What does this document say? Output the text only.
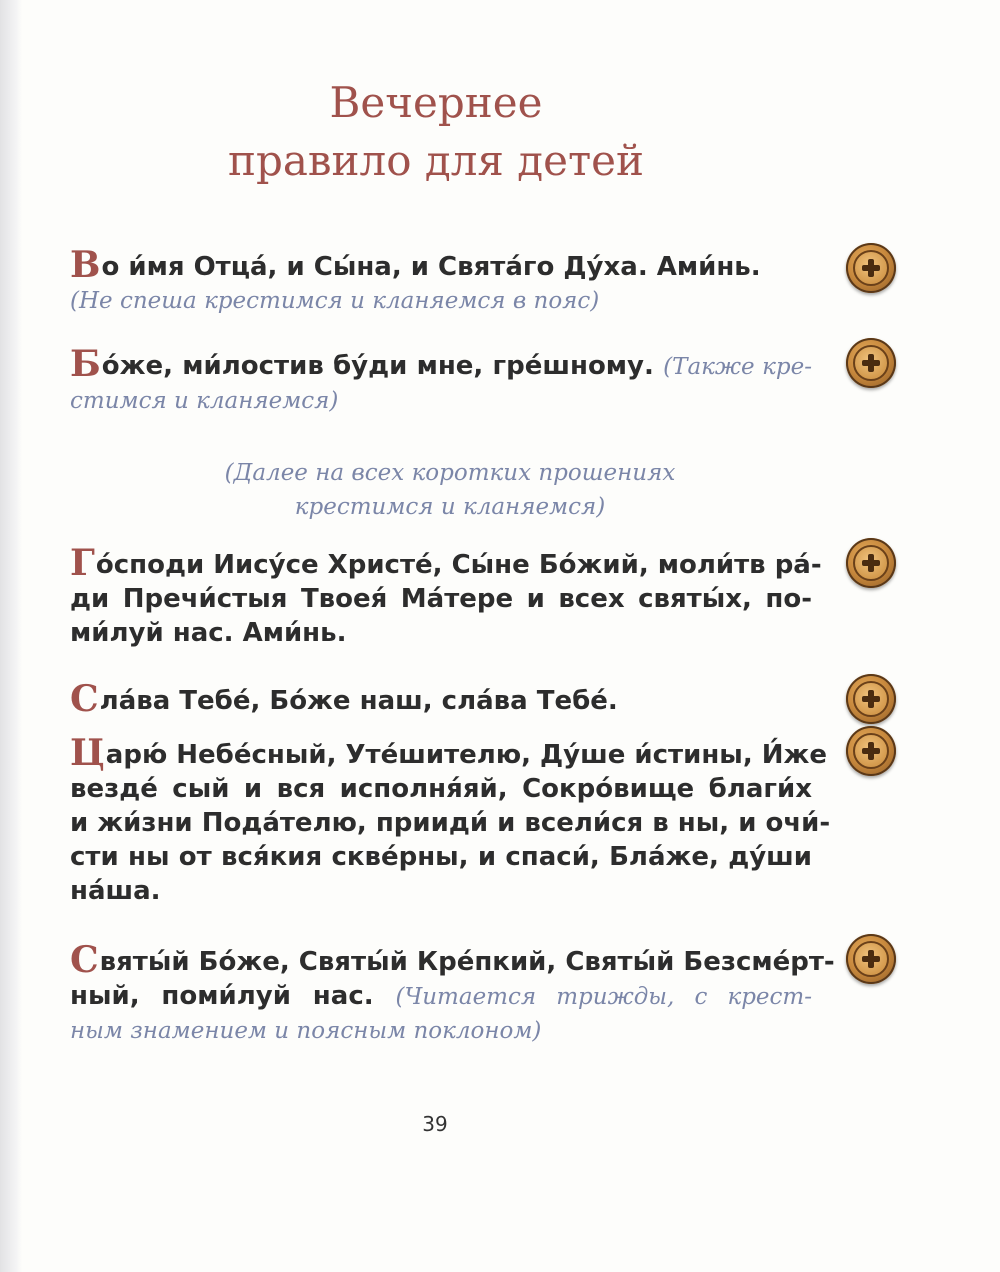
Вечернее
правило для детей
Во и́мя Отца́, и Сы́на, и Свята́го Ду́ха. Ами́нь.
(Не спеша крестимся и кланяемся в пояс)
Бо́же, ми́лостив бу́ди мне, гре́шному. (Также кре-
стимся и кланяемся)
(Далее на всех коротких прошениях
крестимся и кланяемся)
Го́споди Иису́се Христе́, Сы́не Бо́жий, моли́тв ра́-
ди Пречи́стыя Твоея́ Ма́тере и всех святы́х, по-
ми́луй нас. Ами́нь.
Сла́ва Тебе́, Бо́же наш, сла́ва Тебе́.
Царю́ Небе́сный, Уте́шителю, Ду́ше и́стины, И́же
везде́ сый и вся исполня́яй, Сокро́вище благи́х
и жи́зни Пода́телю, прииди́ и всели́ся в ны, и очи́-
сти ны от вся́кия скве́рны, и спаси́, Бла́же, ду́ши
на́ша.
Святы́й Бо́же, Святы́й Кре́пкий, Святы́й Безсме́рт-
ный, поми́луй нас. (Читается трижды, с крест-
ным знамением и поясным поклоном)
39
